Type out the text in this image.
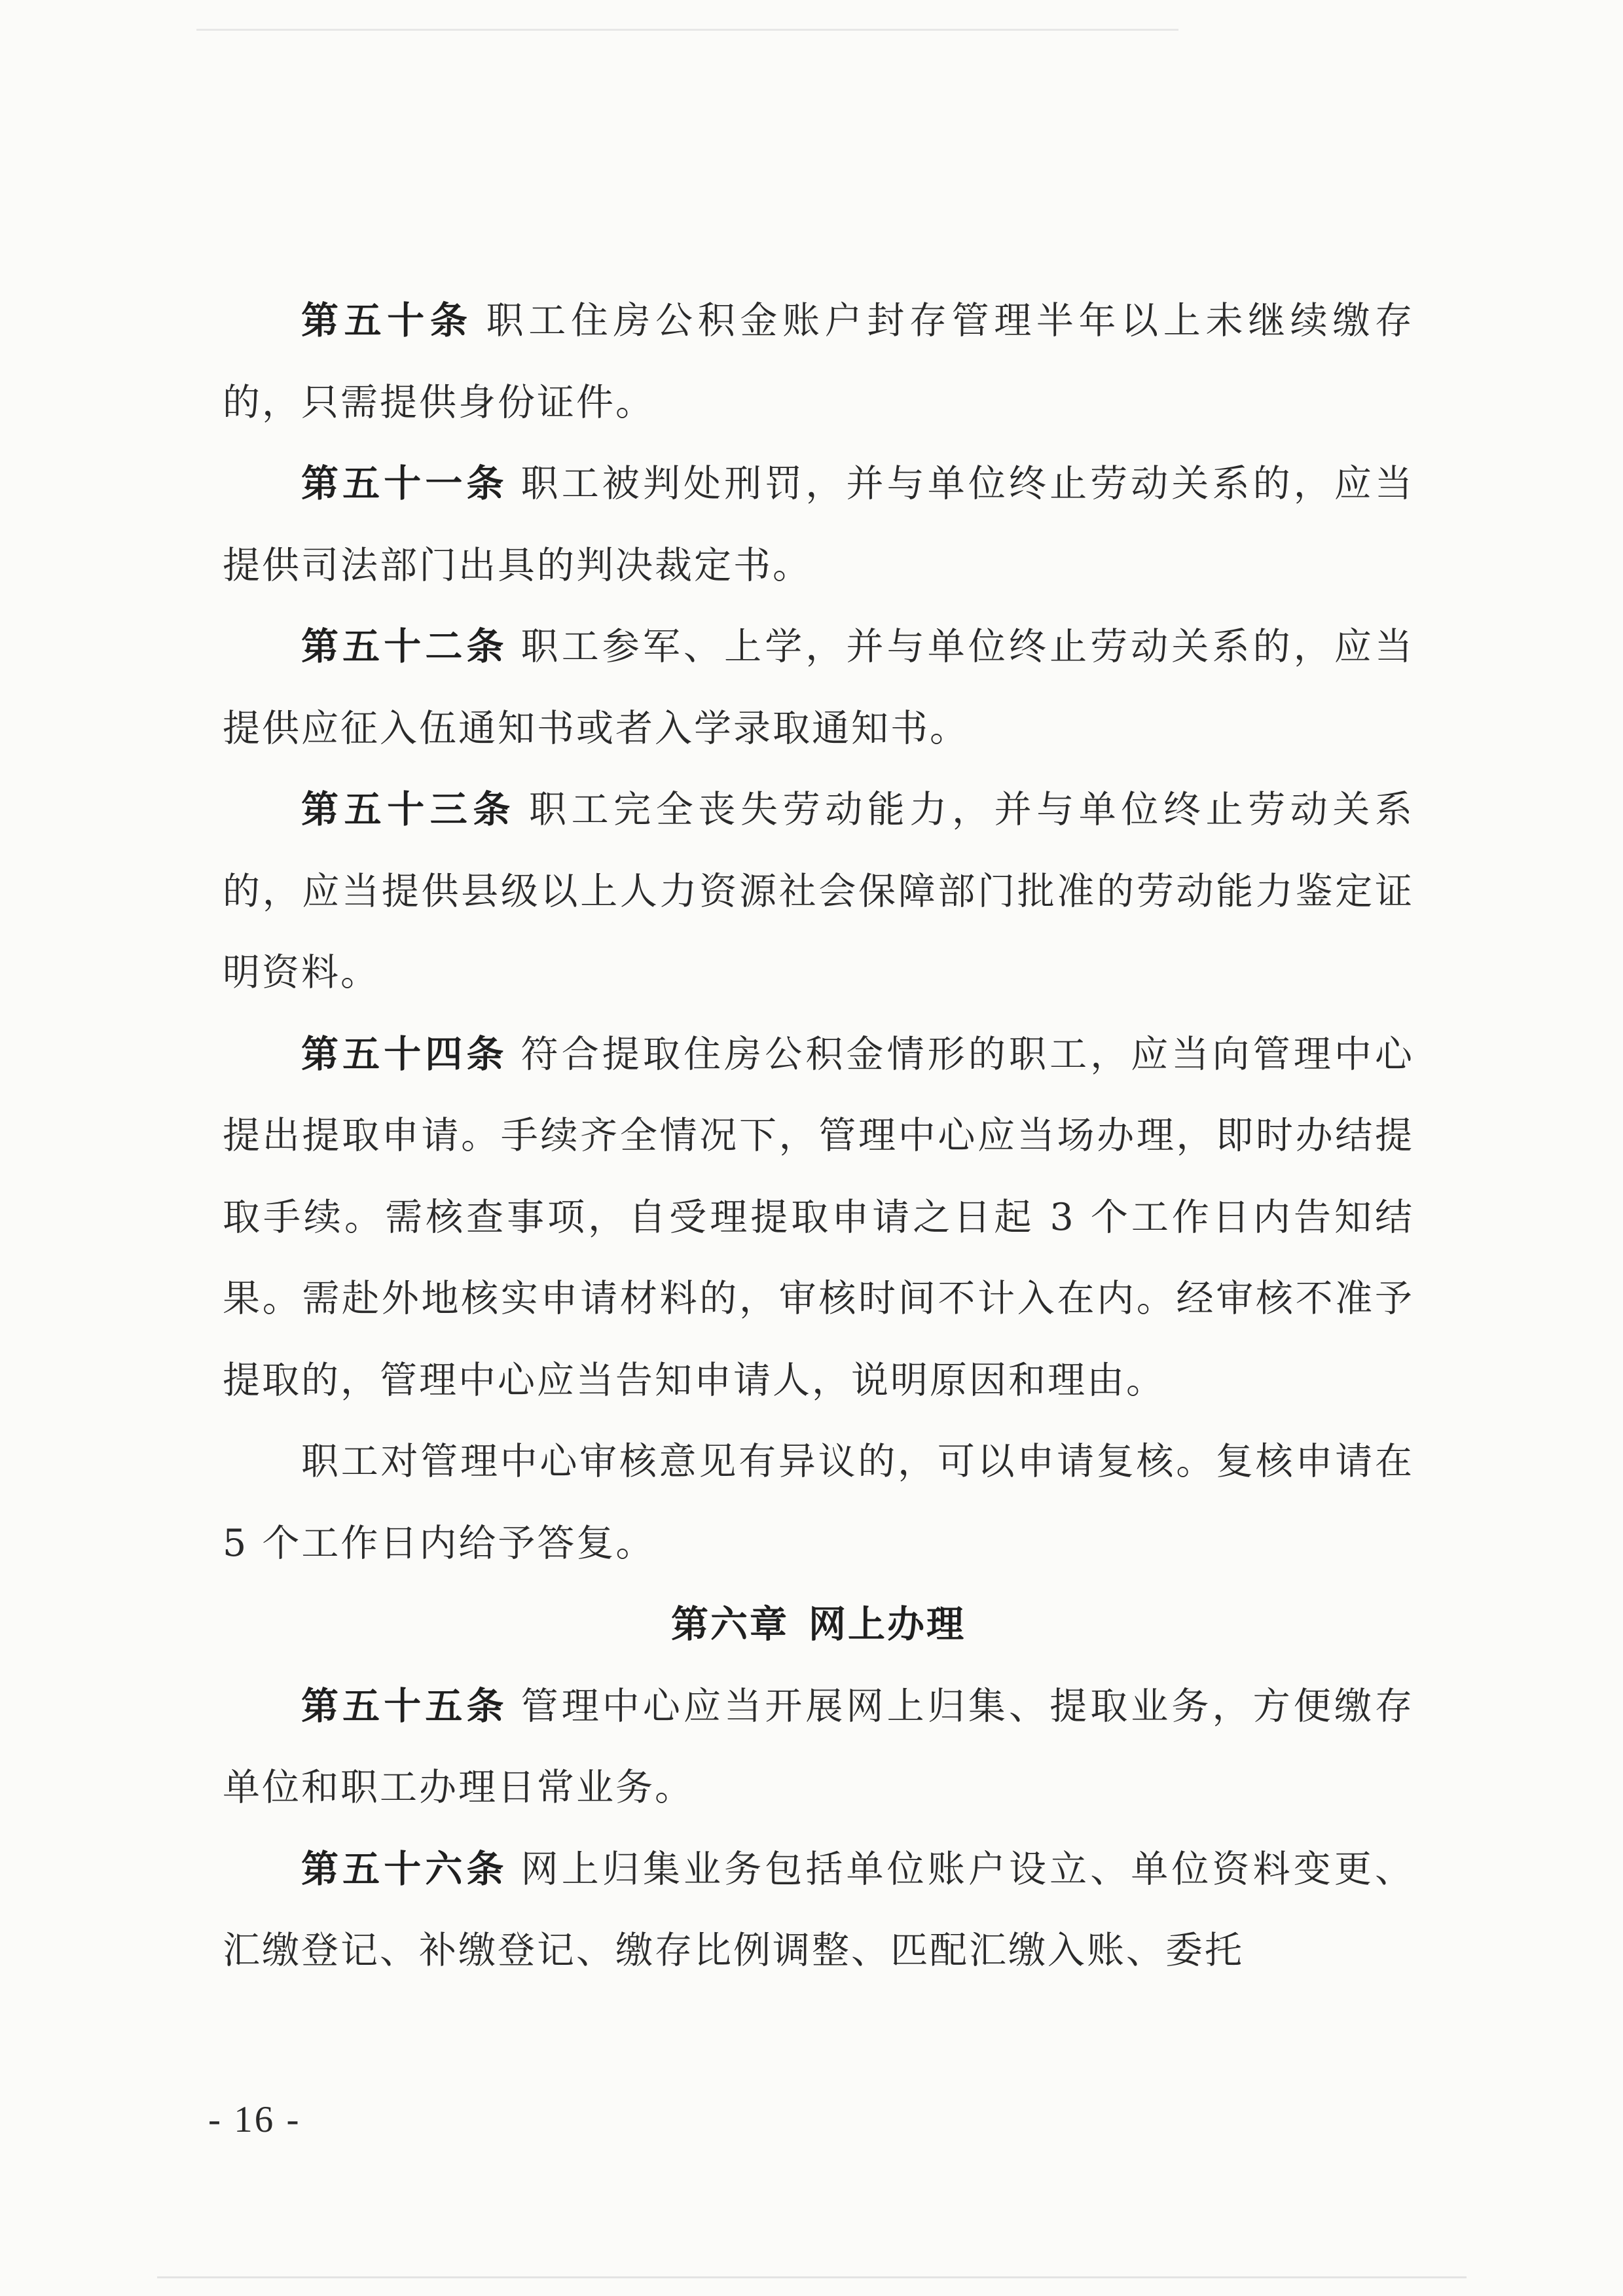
第五十条 职工住房公积金账户封存管理半年以上未继续缴存的，只需提供身份证件。

第五十一条 职工被判处刑罚，并与单位终止劳动关系的，应当提供司法部门出具的判决裁定书。

第五十二条 职工参军、上学，并与单位终止劳动关系的，应当提供应征入伍通知书或者入学录取通知书。

第五十三条 职工完全丧失劳动能力，并与单位终止劳动关系的，应当提供县级以上人力资源社会保障部门批准的劳动能力鉴定证明资料。

第五十四条 符合提取住房公积金情形的职工，应当向管理中心提出提取申请。手续齐全情况下，管理中心应当场办理，即时办结提取手续。需核查事项，自受理提取申请之日起 3 个工作日内告知结果。需赴外地核实申请材料的，审核时间不计入在内。经审核不准予提取的，管理中心应当告知申请人，说明原因和理由。

职工对管理中心审核意见有异议的，可以申请复核。复核申请在 5 个工作日内给予答复。

第六章 网上办理

第五十五条 管理中心应当开展网上归集、提取业务，方便缴存单位和职工办理日常业务。

第五十六条 网上归集业务包括单位账户设立、单位资料变更、汇缴登记、补缴登记、缴存比例调整、匹配汇缴入账、委托

- 16 -
